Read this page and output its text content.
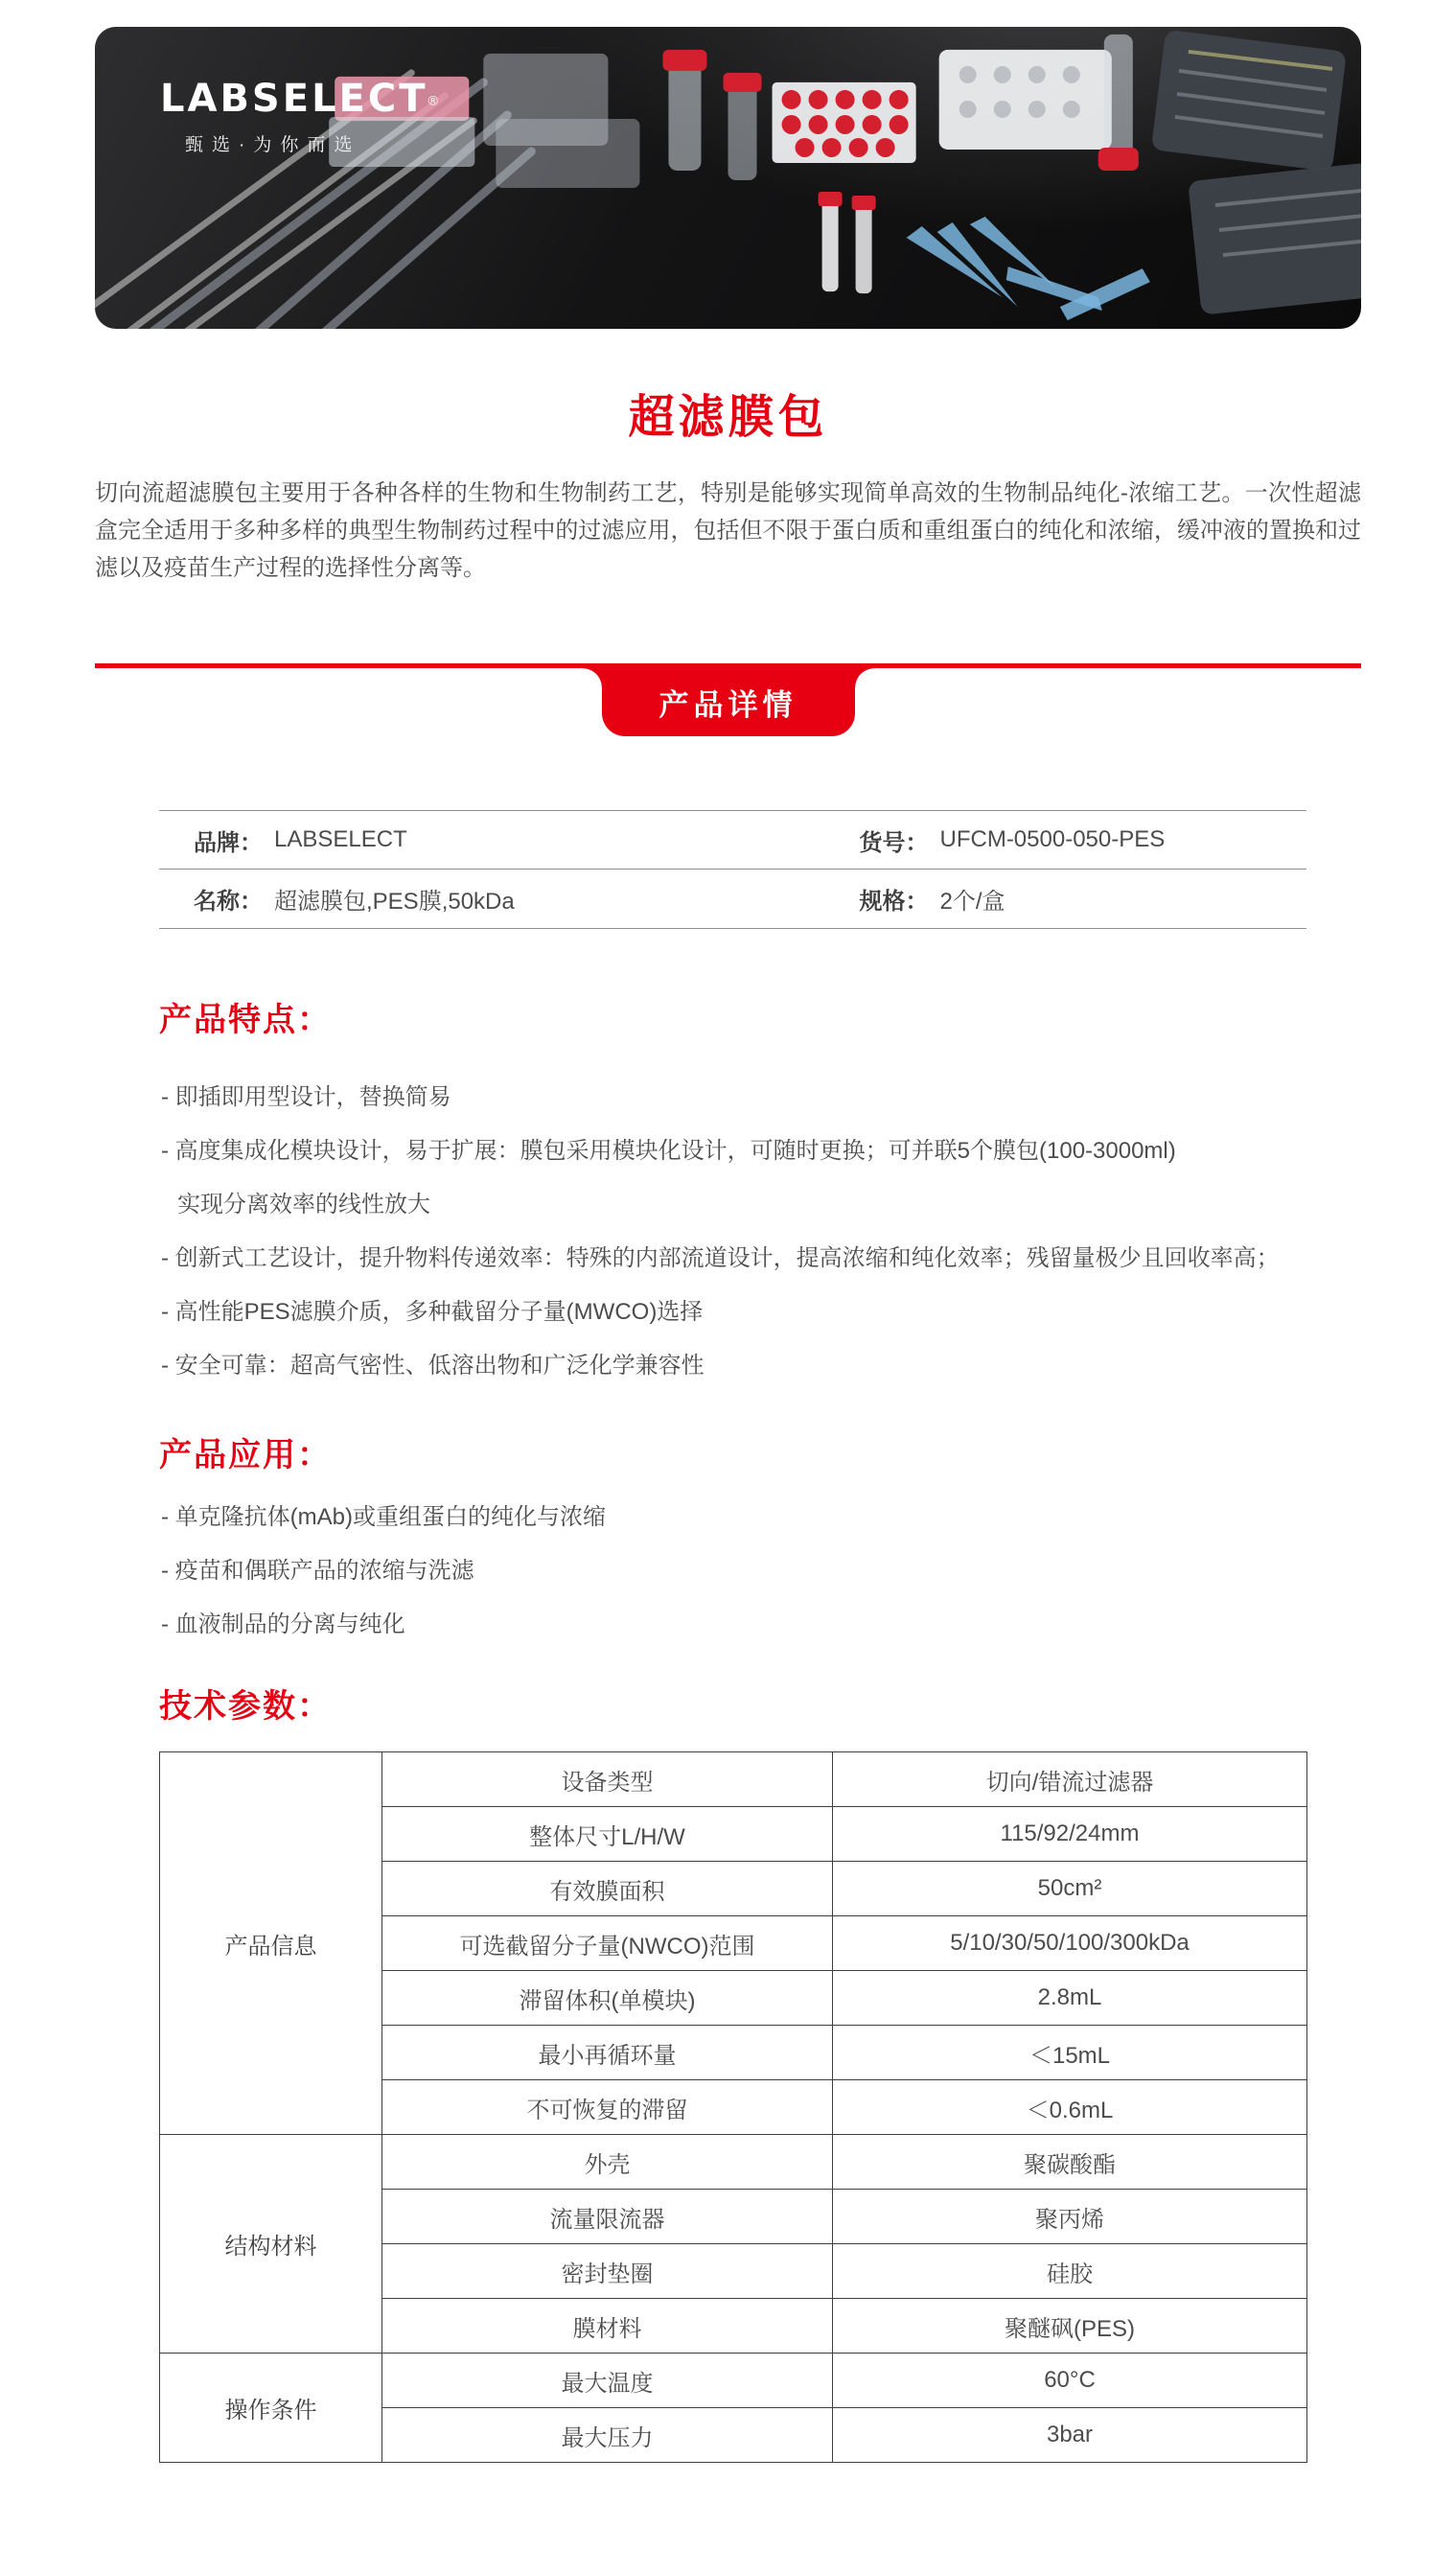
LABSELECT®
甄选·为你而选
超滤膜包

切向流超滤膜包主要用于各种各样的生物和生物制药工艺，特别是能够实现简单高效的生物制品纯化-浓缩工艺。一次性超滤盒完全适用于多种多样的典型生物制药过程中的过滤应用，包括但不限于蛋白质和重组蛋白的纯化和浓缩，缓冲液的置换和过滤以及疫苗生产过程的选择性分离等。

产品详情
品牌： LABSELECT	货号： UFCM-0500-050-PES
名称： 超滤膜包,PES膜,50kDa	规格： 2个/盒
产品特点：
- 即插即用型设计，替换简易
- 高度集成化模块设计，易于扩展：膜包采用模块化设计，可随时更换；可并联5个膜包(100-3000ml)
实现分离效率的线性放大
- 创新式工艺设计，提升物料传递效率：特殊的内部流道设计，提高浓缩和纯化效率；残留量极少且回收率高；
- 高性能PES滤膜介质，多种截留分子量(MWCO)选择
- 安全可靠：超高气密性、低溶出物和广泛化学兼容性
产品应用：
- 单克隆抗体(mAb)或重组蛋白的纯化与浓缩
- 疫苗和偶联产品的浓缩与洗滤
- 血液制品的分离与纯化
技术参数：
产品信息	设备类型	切向/错流过滤器
	整体尺寸L/H/W	115/92/24mm
	有效膜面积	50cm²
	可选截留分子量(NWCO)范围	5/10/30/50/100/300kDa
	滞留体积(单模块)	2.8mL
	最小再循环量	＜15mL
	不可恢复的滞留	＜0.6mL
结构材料	外壳	聚碳酸酯
	流量限流器	聚丙烯
	密封垫圈	硅胶
	膜材料	聚醚砜(PES)
操作条件	最大温度	60°C
	最大压力	3bar
